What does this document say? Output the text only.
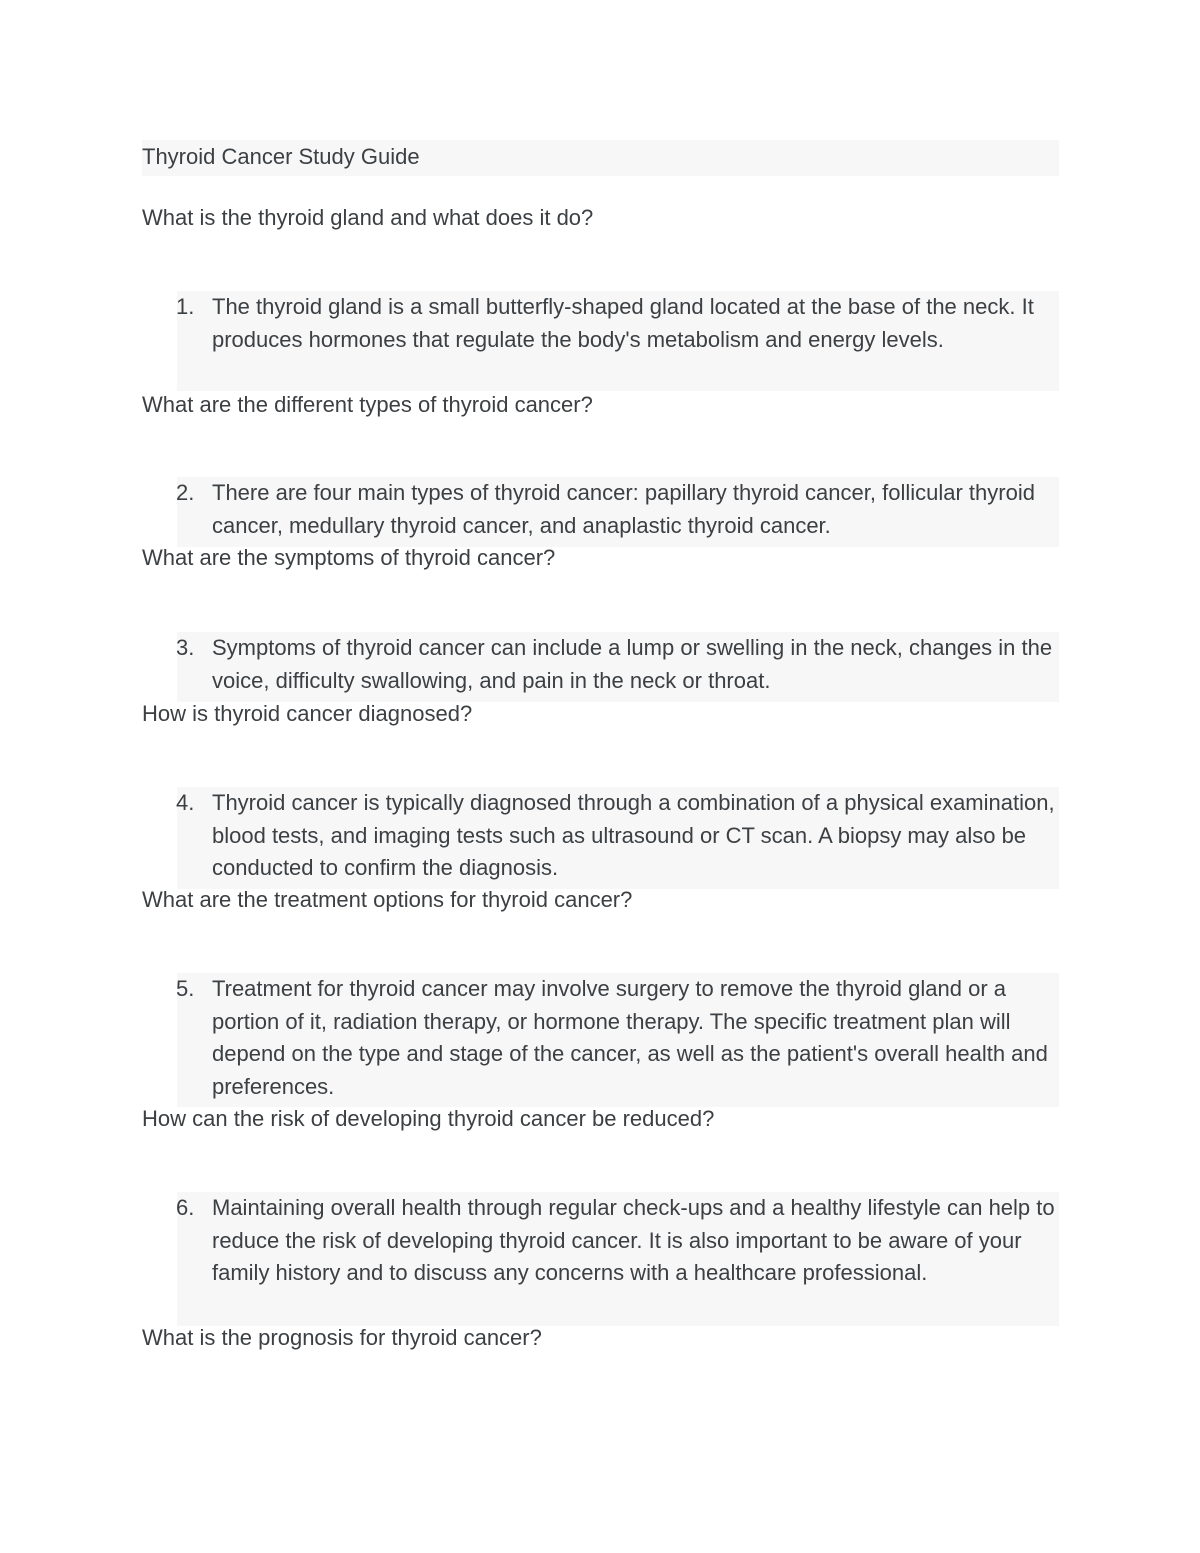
Thyroid Cancer Study Guide
What is the thyroid gland and what does it do?
1. The thyroid gland is a small butterfly-shaped gland located at the base of the neck. It produces hormones that regulate the body's metabolism and energy levels.
What are the different types of thyroid cancer?
2. There are four main types of thyroid cancer: papillary thyroid cancer, follicular thyroid cancer, medullary thyroid cancer, and anaplastic thyroid cancer.
What are the symptoms of thyroid cancer?
3. Symptoms of thyroid cancer can include a lump or swelling in the neck, changes in the voice, difficulty swallowing, and pain in the neck or throat.
How is thyroid cancer diagnosed?
4. Thyroid cancer is typically diagnosed through a combination of a physical examination, blood tests, and imaging tests such as ultrasound or CT scan. A biopsy may also be conducted to confirm the diagnosis.
What are the treatment options for thyroid cancer?
5. Treatment for thyroid cancer may involve surgery to remove the thyroid gland or a portion of it, radiation therapy, or hormone therapy. The specific treatment plan will depend on the type and stage of the cancer, as well as the patient's overall health and preferences.
How can the risk of developing thyroid cancer be reduced?
6. Maintaining overall health through regular check-ups and a healthy lifestyle can help to reduce the risk of developing thyroid cancer. It is also important to be aware of your family history and to discuss any concerns with a healthcare professional.
What is the prognosis for thyroid cancer?
